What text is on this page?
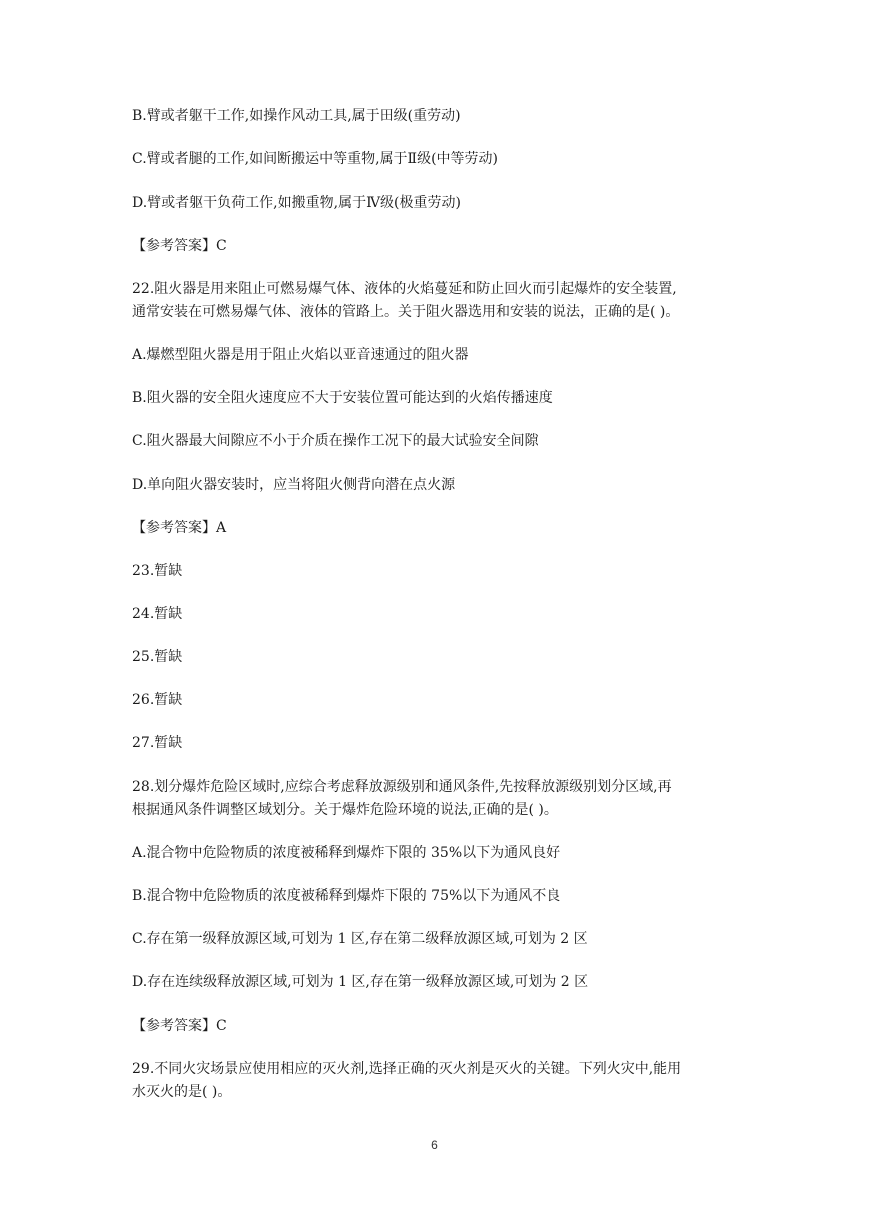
B.臂或者躯干工作,如操作风动工具,属于田级(重劳动)
C.臂或者腿的工作,如间断搬运中等重物,属于Ⅱ级(中等劳动)
D.臂或者躯干负荷工作,如搬重物,属于Ⅳ级(极重劳动)
【参考答案】C
22.阻火器是用来阻止可燃易爆气体、液体的火焰蔓延和防止回火而引起爆炸的安全装置,
通常安装在可燃易爆气体、液体的管路上。关于阻火器选用和安装的说法，正确的是( )。
A.爆燃型阻火器是用于阻止火焰以亚音速通过的阻火器
B.阻火器的安全阻火速度应不大于安装位置可能达到的火焰传播速度
C.阻火器最大间隙应不小于介质在操作工况下的最大试验安全间隙
D.单向阻火器安装时，应当将阻火侧背向潜在点火源
【参考答案】A
23.暂缺
24.暂缺
25.暂缺
26.暂缺
27.暂缺
28.划分爆炸危险区域时,应综合考虑释放源级别和通风条件,先按释放源级别划分区域,再
根据通风条件调整区域划分。关于爆炸危险环境的说法,正确的是( )。
A.混合物中危险物质的浓度被稀释到爆炸下限的 35%以下为通风良好
B.混合物中危险物质的浓度被稀释到爆炸下限的 75%以下为通风不良
C.存在第一级释放源区域,可划为 1 区,存在第二级释放源区域,可划为 2 区
D.存在连续级释放源区域,可划为 1 区,存在第一级释放源区域,可划为 2 区
【参考答案】C
29.不同火灾场景应使用相应的灭火剂,选择正确的灭火剂是灭火的关键。下列火灾中,能用
水灭火的是( )。
6
